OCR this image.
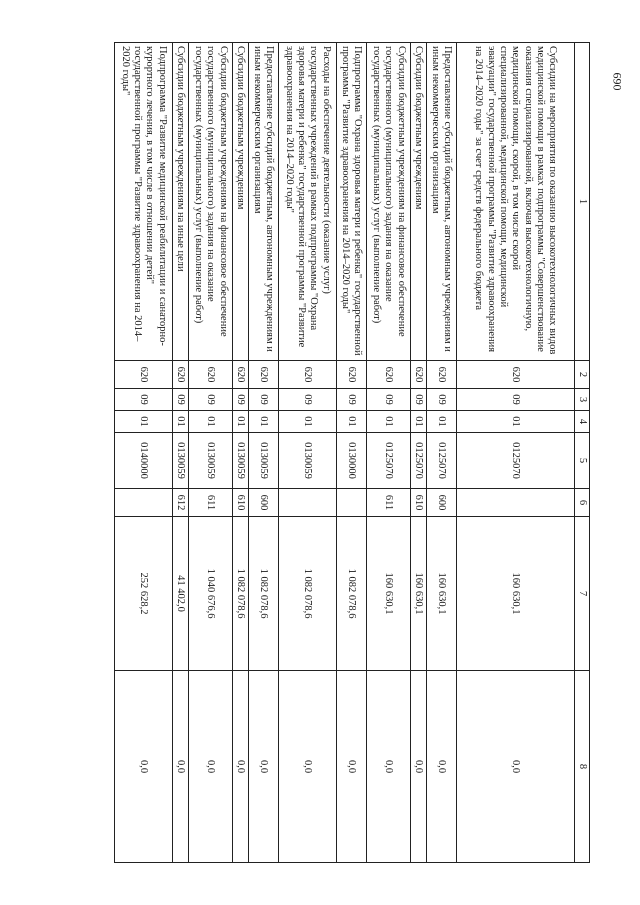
690
1	2	3	4	5	6	7	8
Субсидии на мероприятия по оказанию высокотехнологичных видов медицинской помощи в рамках подпрограммы "Совершенствование оказания специализированной, включая высокотехнологичную, медицинской помощи, скорой, в том числе скорой специализированной, медицинской помощи, медицинской эвакуации" государственной программы "Развитие здравоохранения на 2014–2020 годы" за счет средств федерального бюджета	620	09	01	0125070		160 630,1	0,0
Предоставление субсидий бюджетным, автономным учреждениям и иным некоммерческим организациям	620	09	01	0125070	600	160 630,1	0,0
Субсидии бюджетным учреждениям	620	09	01	0125070	610	160 630,1	0,0
Субсидии бюджетным учреждениям на финансовое обеспечение государственного (муниципального) задания на оказание государственных (муниципальных) услуг (выполнение работ)	620	09	01	0125070	611	160 630,1	0,0
Подпрограмма "Охрана здоровья матери и ребенка" государственной программы "Развитие здравоохранения на 2014–2020 годы"	620	09	01	0130000		1 082 078,6	0,0
Расходы на обеспечение деятельности (оказание услуг) государственных учреждений в рамках подпрограммы "Охрана здоровья матери и ребенка" государственной программы "Развитие здравоохранения на 2014–2020 годы"	620	09	01	0130059		1 082 078,6	0,0
Предоставление субсидий бюджетным, автономным учреждениям и иным некоммерческим организациям	620	09	01	0130059	600	1 082 078,6	0,0
Субсидии бюджетным учреждениям	620	09	01	0130059	610	1 082 078,6	0,0
Субсидии бюджетным учреждениям на финансовое обеспечение государственного (муниципального) задания на оказание государственных (муниципальных) услуг (выполнение работ)	620	09	01	0130059	611	1 040 676,6	0,0
Субсидии бюджетным учреждениям на иные цели	620	09	01	0130059	612	41 402,0	0,0
Подпрограмма "Развитие медицинской реабилитации и санаторно-курортного лечения, в том числе в отношении детей" государственной программы "Развитие здравоохранения на 2014–2020 годы"	620	09	01	0140000		252 628,2	0,0
